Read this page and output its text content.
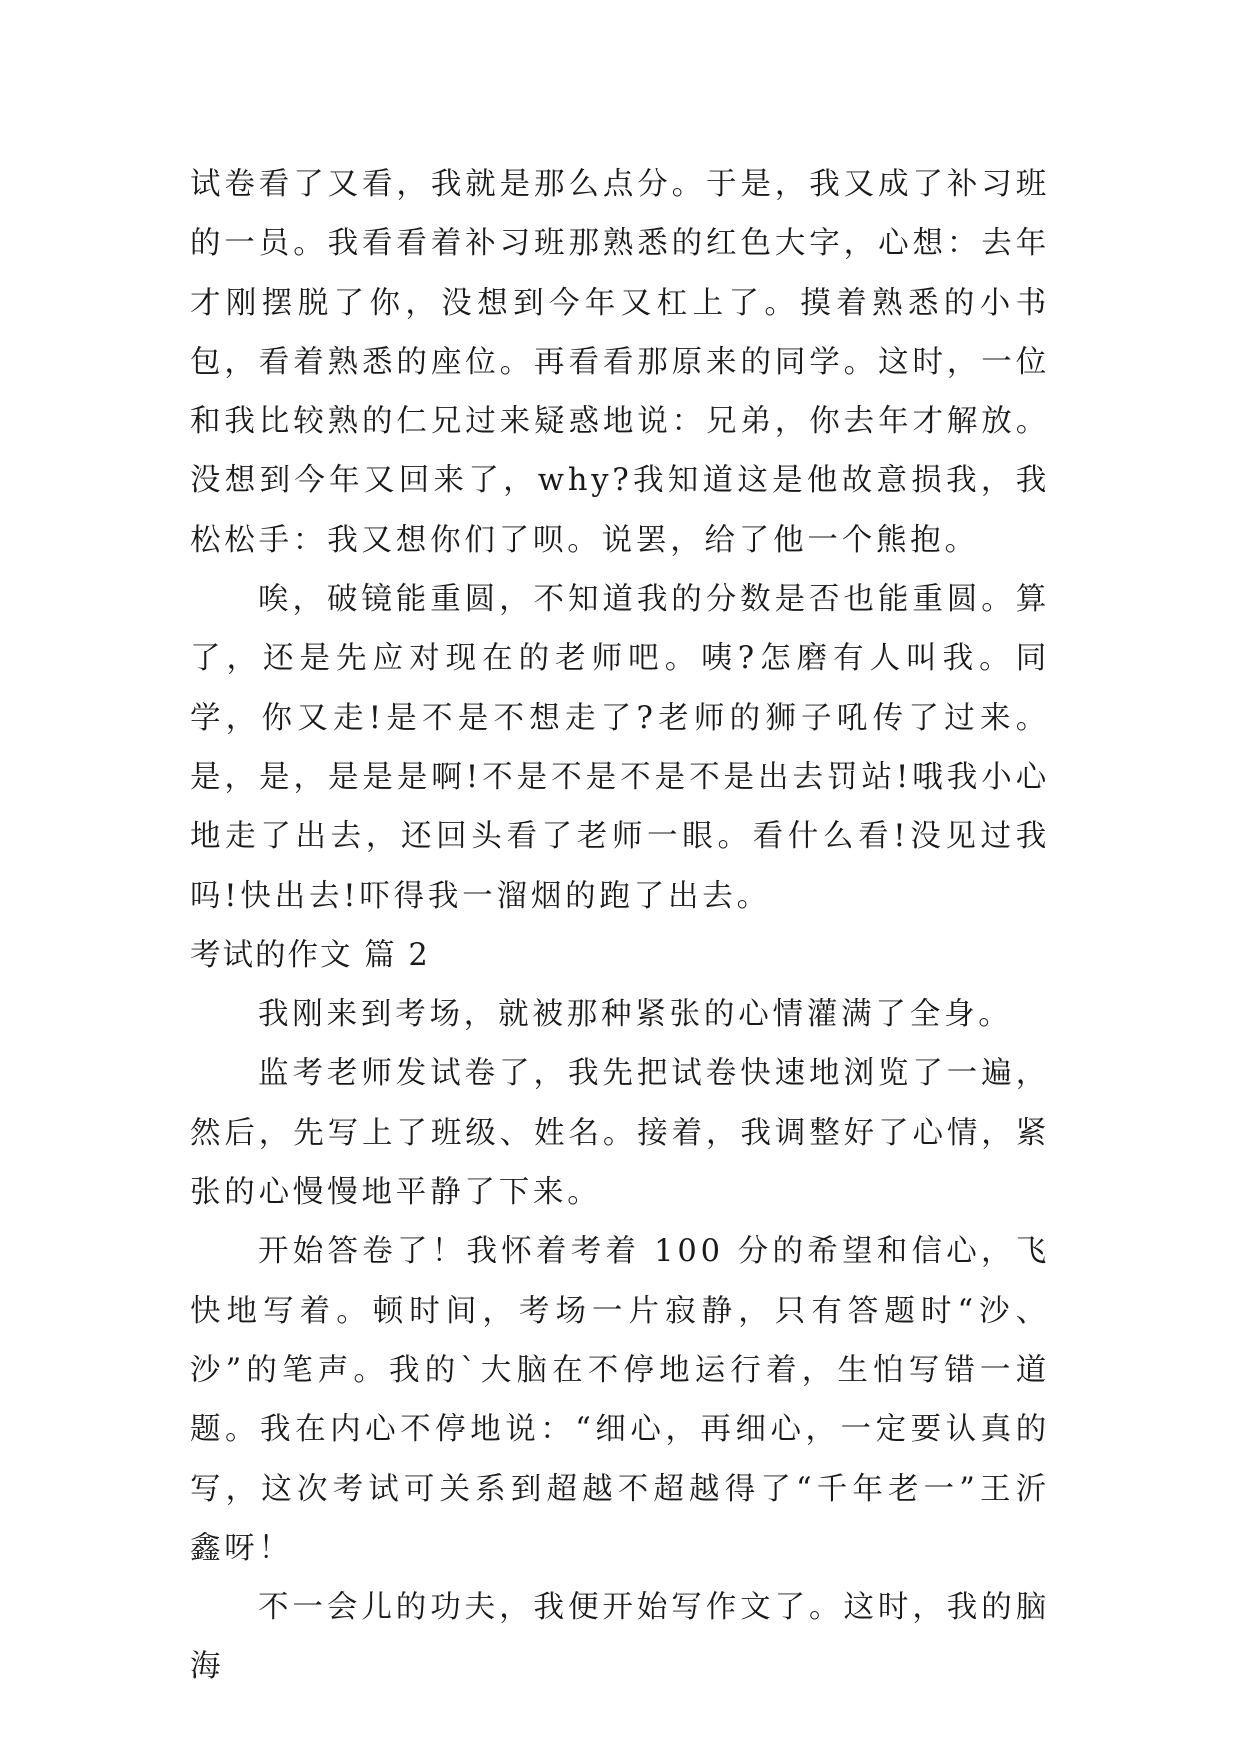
试卷看了又看，我就是那么点分。于是，我又成了补习班的一员。我看看着补习班那熟悉的红色大字，心想：去年才刚摆脱了你，没想到今年又杠上了。摸着熟悉的小书包，看着熟悉的座位。再看看那原来的同学。这时，一位和我比较熟的仁兄过来疑惑地说：兄弟，你去年才解放。没想到今年又回来了，why?我知道这是他故意损我，我松松手：我又想你们了呗。说罢，给了他一个熊抱。

唉，破镜能重圆，不知道我的分数是否也能重圆。算了，还是先应对现在的老师吧。咦?怎磨有人叫我。同学，你又走!是不是不想走了?老师的狮子吼传了过来。是，是，是是是啊!不是不是不是不是出去罚站!哦我小心地走了出去，还回头看了老师一眼。看什么看!没见过我吗!快出去!吓得我一溜烟的跑了出去。

考试的作文 篇 2

我刚来到考场，就被那种紧张的心情灌满了全身。

监考老师发试卷了，我先把试卷快速地浏览了一遍，然后，先写上了班级、姓名。接着，我调整好了心情，紧张的心慢慢地平静了下来。

开始答卷了！我怀着考着 100 分的希望和信心，飞快地写着。顿时间，考场一片寂静，只有答题时“沙、沙”的笔声。我的`大脑在不停地运行着，生怕写错一道题。我在内心不停地说：“细心，再细心，一定要认真的写，这次考试可关系到超越不超越得了“千年老一”王沂鑫呀！

不一会儿的功夫，我便开始写作文了。这时，我的脑海
